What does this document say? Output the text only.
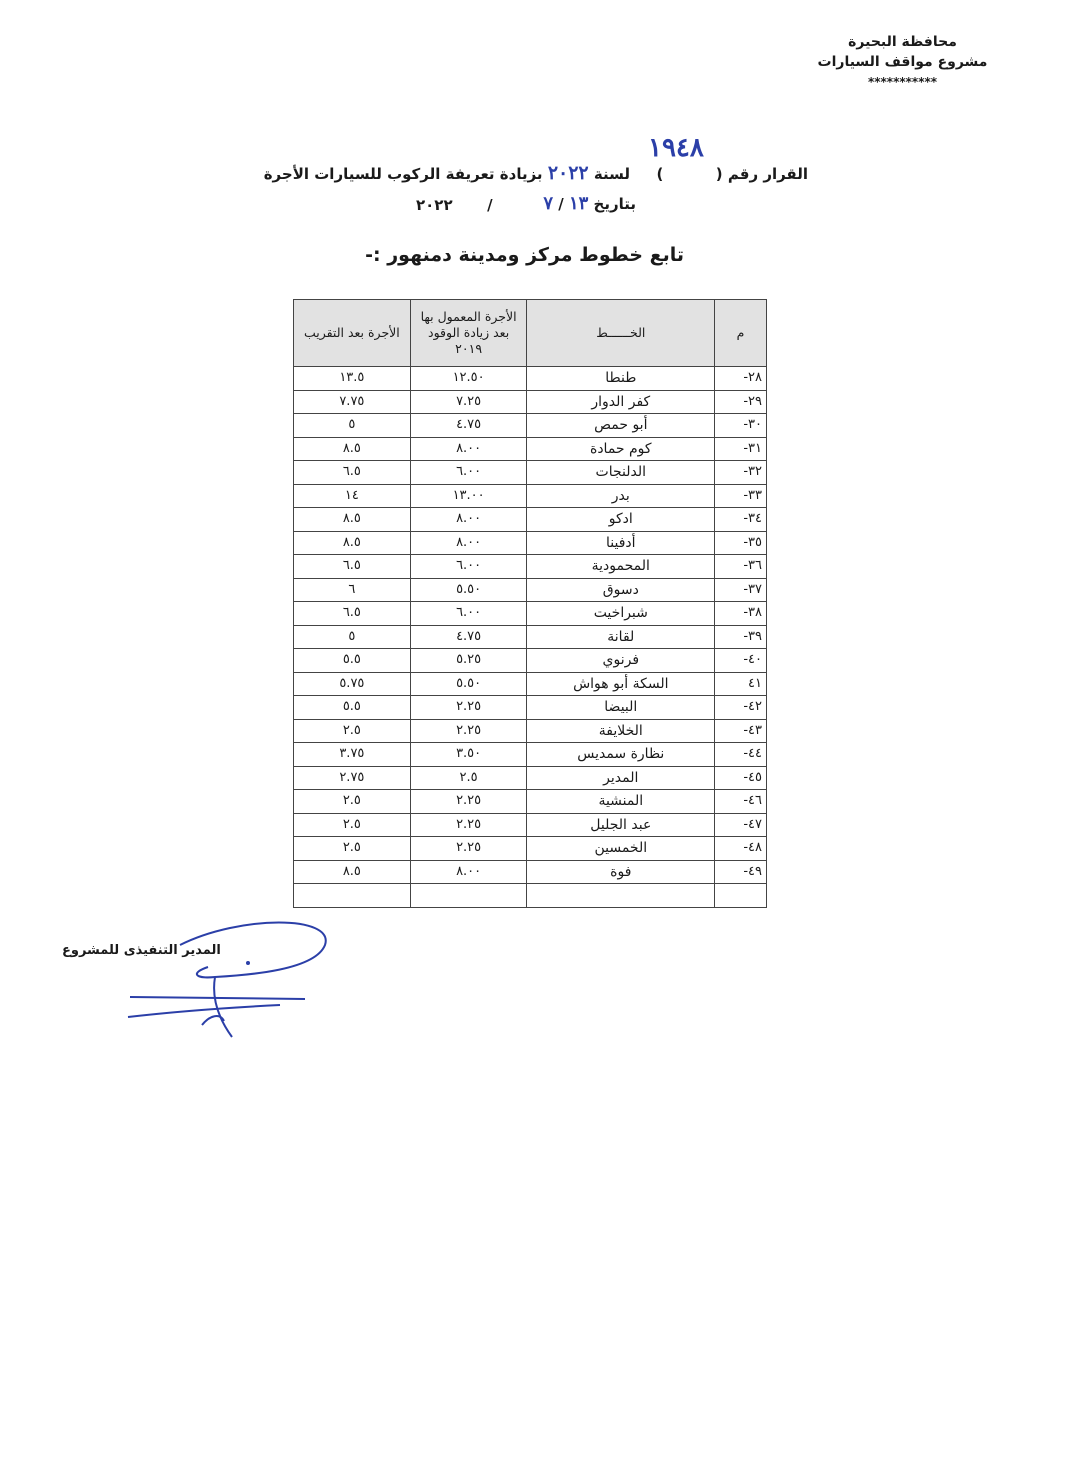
محافظة البحيرة
مشروع مواقف السيارات
***********
القرار رقم (  )  لسنة ٢٠٢٢ بزيادة تعريفة الركوب للسيارات الأجرة
١٩٤٨
بتاريخ ١٣ / ٧
٢٠٢٢ /
تابع خطوط مركز ومدينة دمنهور :-
م	الخــــــط	الأجرة المعمول بها بعد زيادة الوقود ٢٠١٩	الأجرة بعد التقريب
٢٨-	طنطا	١٢.٥٠	١٣.٥
٢٩-	كفر الدوار	٧.٢٥	٧.٧٥
٣٠-	أبو حمص	٤.٧٥	٥
٣١-	كوم حمادة	٨.٠٠	٨.٥
٣٢-	الدلنجات	٦.٠٠	٦.٥
٣٣-	بدر	١٣.٠٠	١٤
٣٤-	ادكو	٨.٠٠	٨.٥
٣٥-	أدفينا	٨.٠٠	٨.٥
٣٦-	المحمودية	٦.٠٠	٦.٥
٣٧-	دسوق	٥.٥٠	٦
٣٨-	شبراخيت	٦.٠٠	٦.٥
٣٩-	لقانة	٤.٧٥	٥
٤٠-	فرنوي	٥.٢٥	٥.٥
٤١	السكة أبو هواش	٥.٥٠	٥.٧٥
٤٢-	البيضا	٢.٢٥	٥.٥
٤٣-	الخلايفة	٢.٢٥	٢.٥
٤٤-	نظارة سمديس	٣.٥٠	٣.٧٥
٤٥-	المدير	٢.٥	٢.٧٥
٤٦-	المنشية	٢.٢٥	٢.٥
٤٧-	عبد الجليل	٢.٢٥	٢.٥
٤٨-	الخمسين	٢.٢٥	٢.٥
٤٩-	فوة	٨.٠٠	٨.٥

المدير التنفيذى للمشروع
